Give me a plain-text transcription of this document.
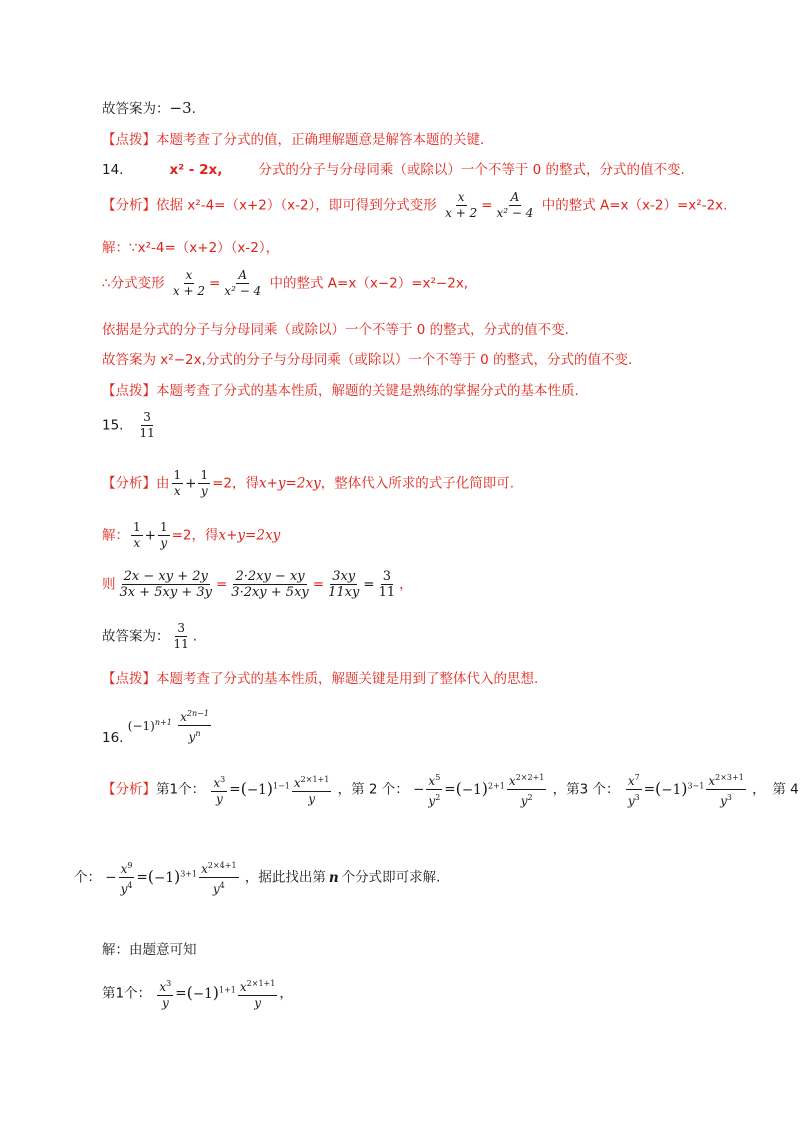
故答案为：−3.
【点拨】本题考查了分式的值，正确理解题意是解答本题的关键.
14.	x² - 2x,	分式的分子与分母同乘（或除以）一个不等于 0 的整式，分式的值不变.
【分析】依据 x²-4=（x+2）（x-2），即可得到分式变形 $\frac{x}{x + 2} = \frac{A}{\text{x² − 4}}$ 中的整式 A=x（x-2）=x²-2x.
解：∵x²-4=（x+2）（x-2），
∴分式变形 $\frac{x}{x + 2} = \frac{A}{\text{x² − 4}}$ 中的整式 A=x（x−2）=x²−2x,
依据是分式的分子与分母同乘（或除以）一个不等于 0 的整式，分式的值不变.
故答案为 x²−2x,分式的分子与分母同乘（或除以）一个不等于 0 的整式，分式的值不变.
【点拨】本题考查了分式的基本性质，解题的关键是熟练的掌握分式的基本性质.
15. $\frac{3}{11}$
【分析】由 $\frac{1}{x} + \frac{1}{y} =2$，得x+y=2xy，整体代入所求的式子化简即可.
解： $\frac{1}{x} + \frac{1}{y} =2$，得x+y=2xy
则 $\frac{2x - xy + 2y}{3x + 5xy + 3y} = \frac{2\cdot 2xy - xy}{3\cdot 2xy + 5xy} = \frac{3xy}{11xy} = \frac{3}{11}$ ，
故答案为： $\frac{3}{11}$ .
【点拨】本题考查了分式的基本性质，解题关键是用到了整体代入的思想.
16. $(-1)^{n+1} \frac{x^{2n-1}}{y^n}$
【分析】第1个： $\frac{x^3}{y} =(-1)^{1-1} \frac{x^{2\times 1+1}}{y}$ ，第 2 个： − $\frac{x^5}{y^2} =(-1)^{2+1} \frac{x^{2\times 2+1}}{y^2}$ ，第3 个： $\frac{x^7}{y^3} =(-1)^{3-1} \frac{x^{2\times 3+1}}{y^3}$ ，　第 4
个： − $\frac{x^9}{y^4} =(-1)^{3+1} \frac{x^{2\times 4+1}}{y^4}$ ，据此找出第 n 个分式即可求解.
解：由题意可知
第1个： $\frac{x^3}{y} =(-1)^{1+1} \frac{x^{2\times 1+1}}{y}$ ，
